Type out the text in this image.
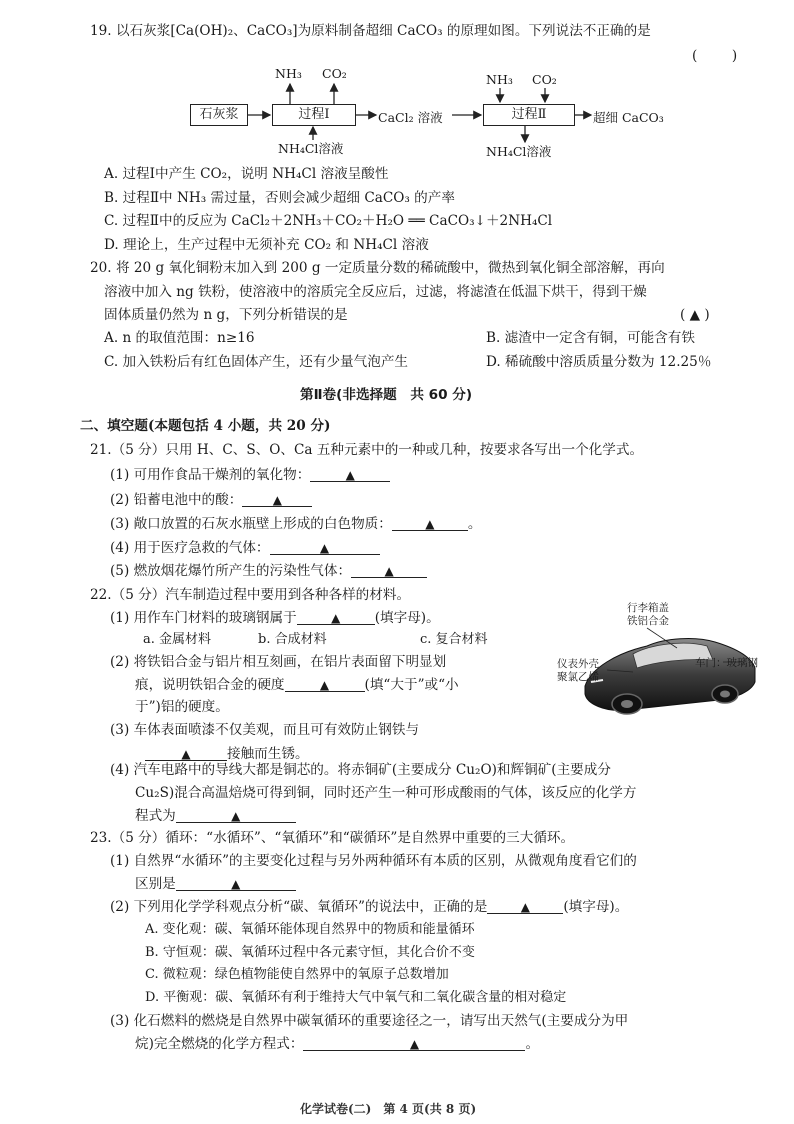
19. 以石灰浆[Ca(OH)₂、CaCO₃]为原料制备超细 CaCO₃ 的原理如图。下列说法不正确的是
(        )
NH₃ CO₂
石灰浆	过程Ⅰ	CaCl₂ 溶液	过程Ⅱ	超细 CaCO₃
NH₄Cl溶液
NH₃ CO₂
NH₄Cl溶液
A. 过程Ⅰ中产生 CO₂，说明 NH₄Cl 溶液呈酸性
B. 过程Ⅱ中 NH₃ 需过量，否则会减少超细 CaCO₃ 的产率
C. 过程Ⅱ中的反应为 CaCl₂＋2NH₃＋CO₂＋H₂O ══ CaCO₃↓＋2NH₄Cl
D. 理论上，生产过程中无须补充 CO₂ 和 NH₄Cl 溶液
20. 将 20 g 氧化铜粉末加入到 200 g 一定质量分数的稀硫酸中，微热到氧化铜全部溶解，再向
溶液中加入 ng 铁粉，使溶液中的溶质完全反应后，过滤，将滤渣在低温下烘干，得到干燥
固体质量仍然为 n g，下列分析错误的是	( ▲ )
A. n 的取值范围：n≥16	B. 滤渣中一定含有铜，可能含有铁
C. 加入铁粉后有红色固体产生，还有少量气泡产生	D. 稀硫酸中溶质质量分数为 12.25％
第Ⅱ卷(非选择题　共 60 分)
二、填空题(本题包括 4 小题，共 20 分)
21.（5 分）只用 H、C、S、O、Ca 五种元素中的一种或几种，按要求各写出一个化学式。
(1) 可用作食品干燥剂的氧化物：	▲
(2) 铅蓄电池中的酸：	▲
(3) 敞口放置的石灰水瓶壁上形成的白色物质：	▲ 。
(4) 用于医疗急救的气体：	▲
(5) 燃放烟花爆竹所产生的污染性气体：	▲
22.（5 分）汽车制造过程中要用到各种各样的材料。
(1) 用作车门材料的玻璃钢属于	▲	(填字母)。
a. 金属材料	b. 合成材料	c. 复合材料
(2) 将铁铝合金与铝片相互刻画，在铝片表面留下明显划
痕，说明铁铝合金的硬度	▲	(填“大于”或“小
于”)铝的硬度。
(3) 车体表面喷漆不仅美观，而且可有效防止钢铁与
▲	接触而生锈。
行李箱盖
铁铝合金
仪表外壳
聚氯乙烯
车门：玻璃钢
(4) 汽车电路中的导线大都是铜芯的。将赤铜矿(主要成分 Cu₂O)和辉铜矿(主要成分
Cu₂S)混合高温焙烧可得到铜，同时还产生一种可形成酸雨的气体，该反应的化学方
程式为	▲
23.（5 分）循环：“水循环”、“氧循环”和“碳循环”是自然界中重要的三大循环。
(1) 自然界“水循环”的主要变化过程与另外两种循环有本质的区别，从微观角度看它们的
区别是	▲
(2) 下列用化学学科观点分析“碳、氧循环”的说法中，正确的是	▲ (填字母)。
A. 变化观：碳、氧循环能体现自然界中的物质和能量循环
B. 守恒观：碳、氧循环过程中各元素守恒，其化合价不变
C. 微粒观：绿色植物能使自然界中的氧原子总数增加
D. 平衡观：碳、氧循环有利于维持大气中氧气和二氧化碳含量的相对稳定
(3) 化石燃料的燃烧是自然界中碳氧循环的重要途径之一，请写出天然气(主要成分为甲
烷)完全燃烧的化学方程式：	▲	。
化学试卷(二)　第 4 页(共 8 页)
